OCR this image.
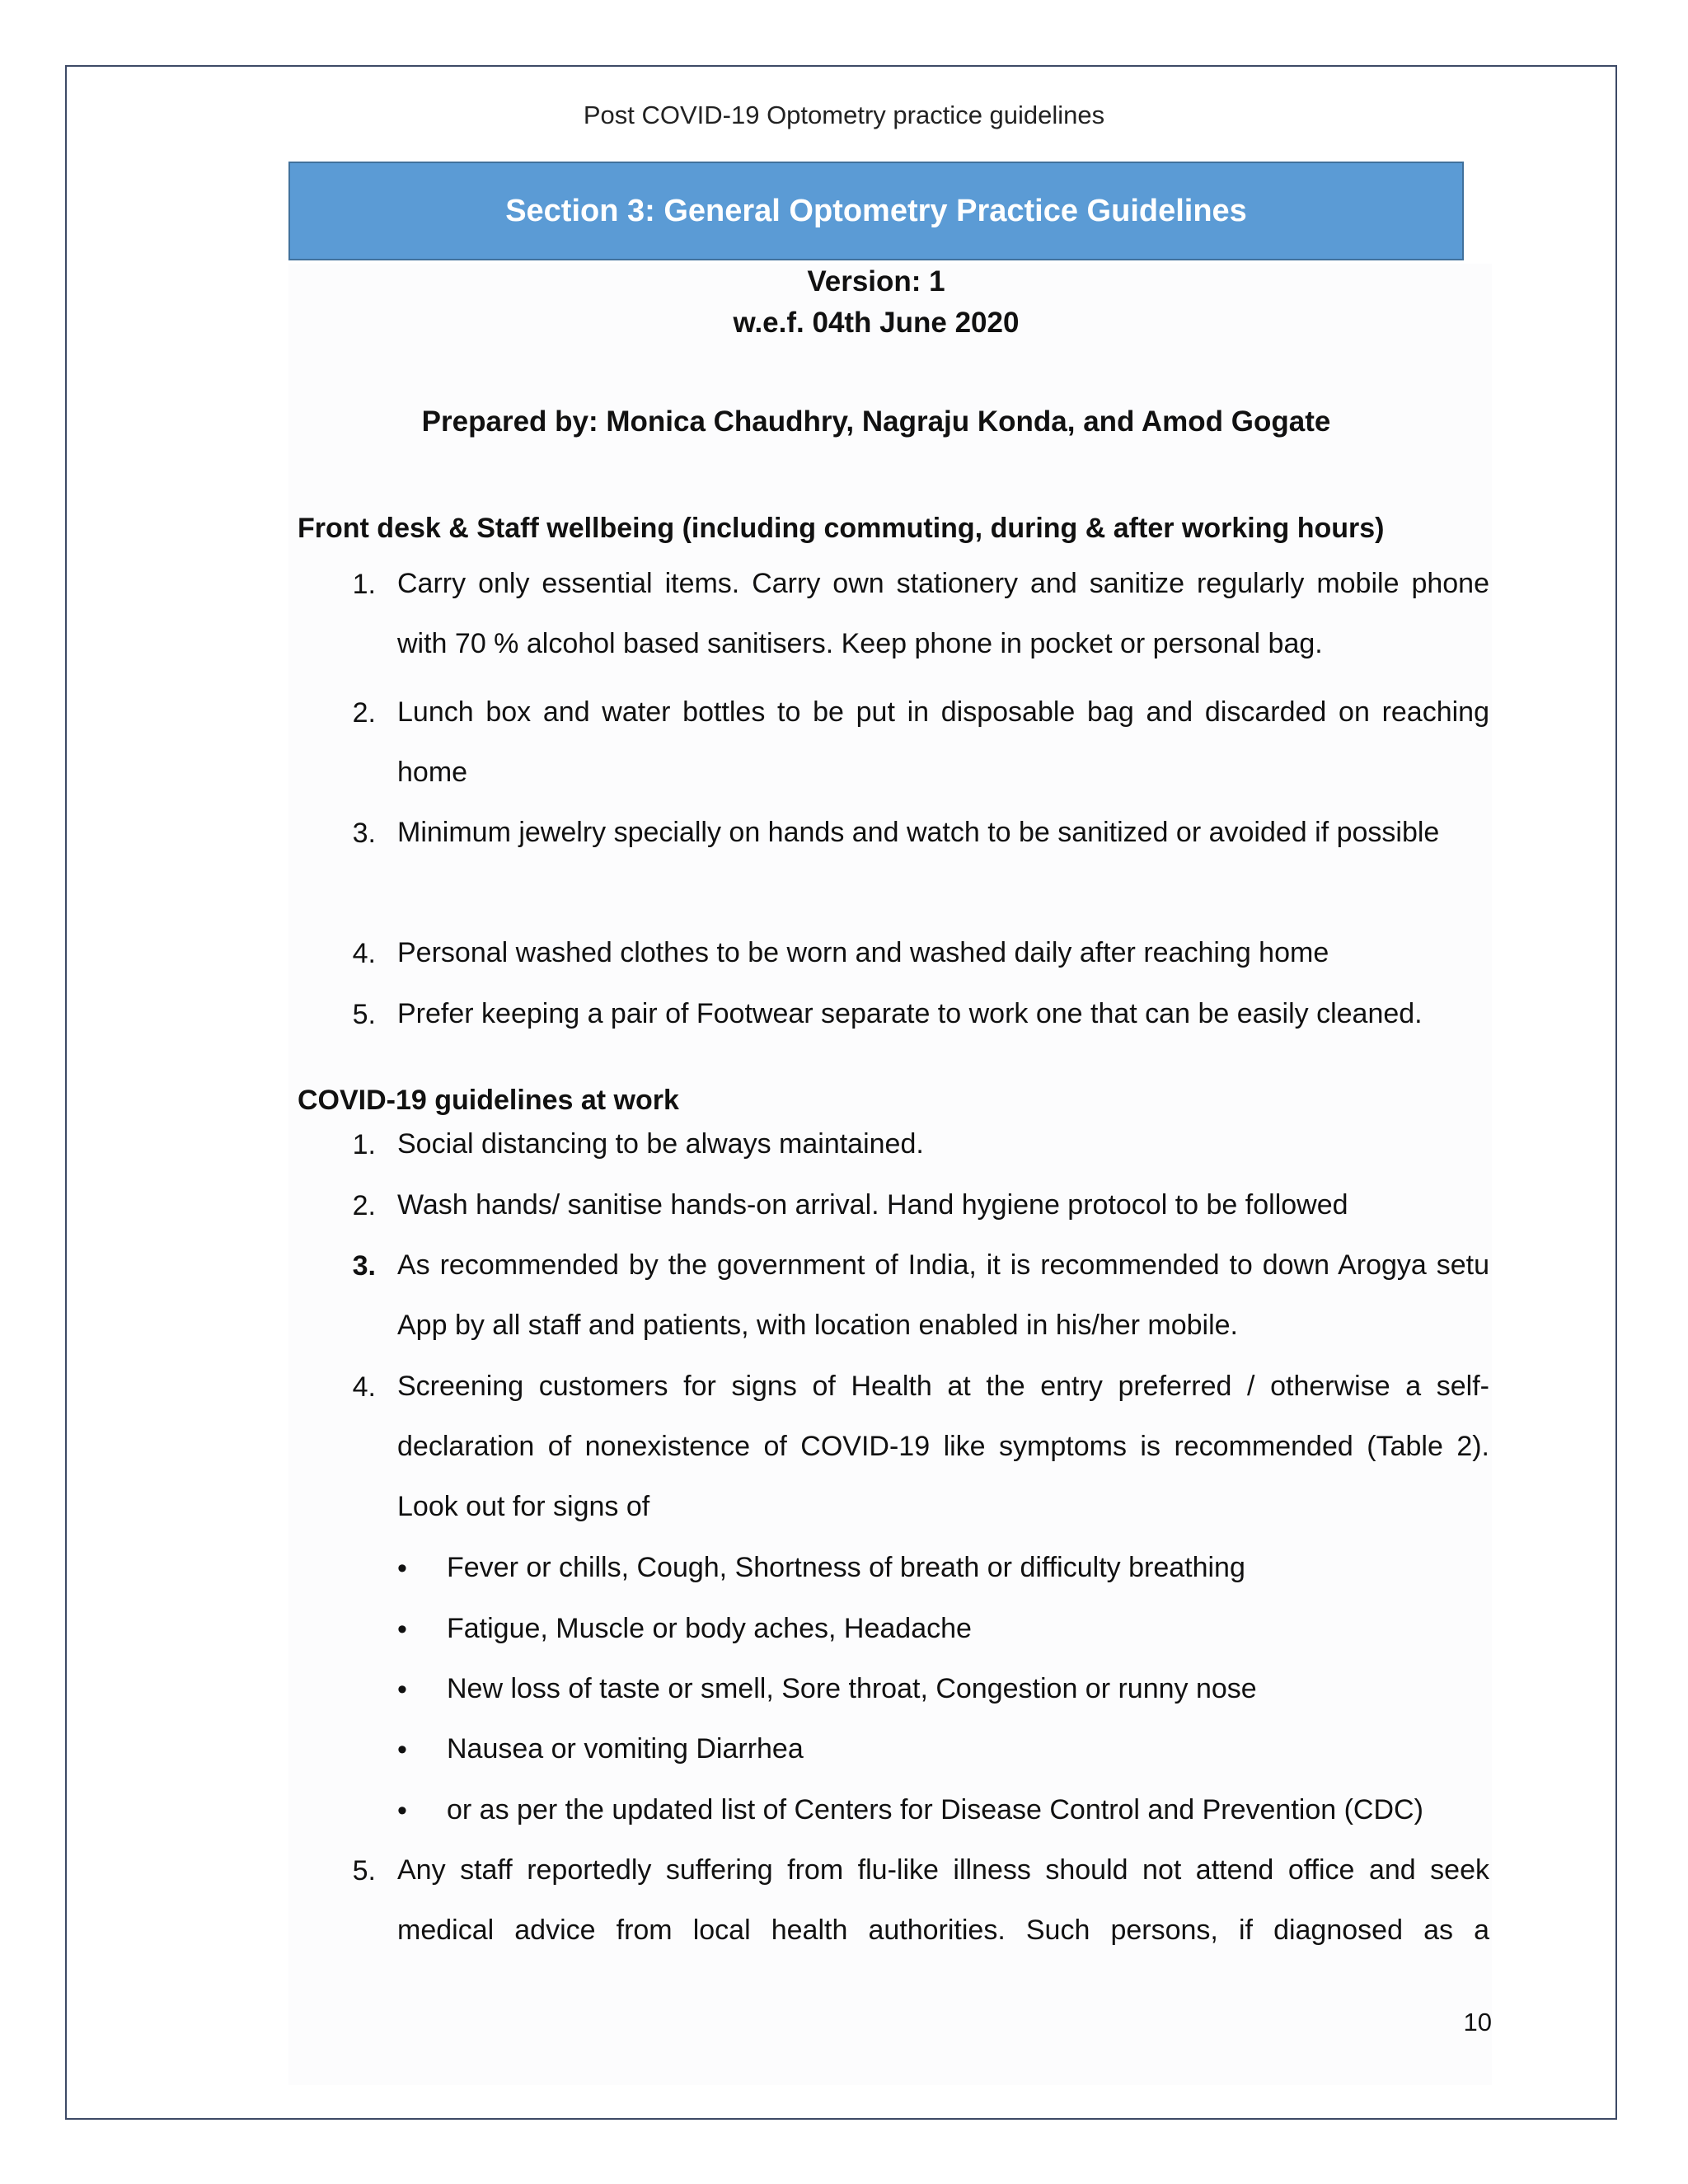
Post COVID-19 Optometry practice guidelines
Section 3: General Optometry Practice Guidelines
Version: 1
w.e.f. 04th June 2020
Prepared by: Monica Chaudhry, Nagraju Konda, and Amod Gogate
Front desk & Staff wellbeing (including commuting, during & after working hours)
1. Carry only essential items. Carry own stationery and sanitize regularly mobile phone with 70 % alcohol based sanitisers. Keep phone in pocket or personal bag.
2. Lunch box and water bottles to be put in disposable bag and discarded on reaching home
3. Minimum jewelry specially on hands and watch to be sanitized or avoided if possible
4. Personal washed clothes to be worn and washed daily after reaching home
5. Prefer keeping a pair of Footwear separate to work one that can be easily cleaned.
COVID-19 guidelines at work
1. Social distancing to be always maintained.
2. Wash hands/ sanitise hands-on arrival. Hand hygiene protocol to be followed
3. As recommended by the government of India, it is recommended to down Arogya setu App by all staff and patients, with location enabled in his/her mobile.
4. Screening customers for signs of Health at the entry preferred / otherwise a self-declaration of nonexistence of COVID-19 like symptoms is recommended (Table 2). Look out for signs of
• Fever or chills, Cough, Shortness of breath or difficulty breathing
• Fatigue, Muscle or body aches, Headache
• New loss of taste or smell, Sore throat, Congestion or runny nose
• Nausea or vomiting Diarrhea
• or as per the updated list of Centers for Disease Control and Prevention (CDC)
5. Any staff reportedly suffering from flu-like illness should not attend office and seek medical advice from local health authorities. Such persons, if diagnosed as a
10
